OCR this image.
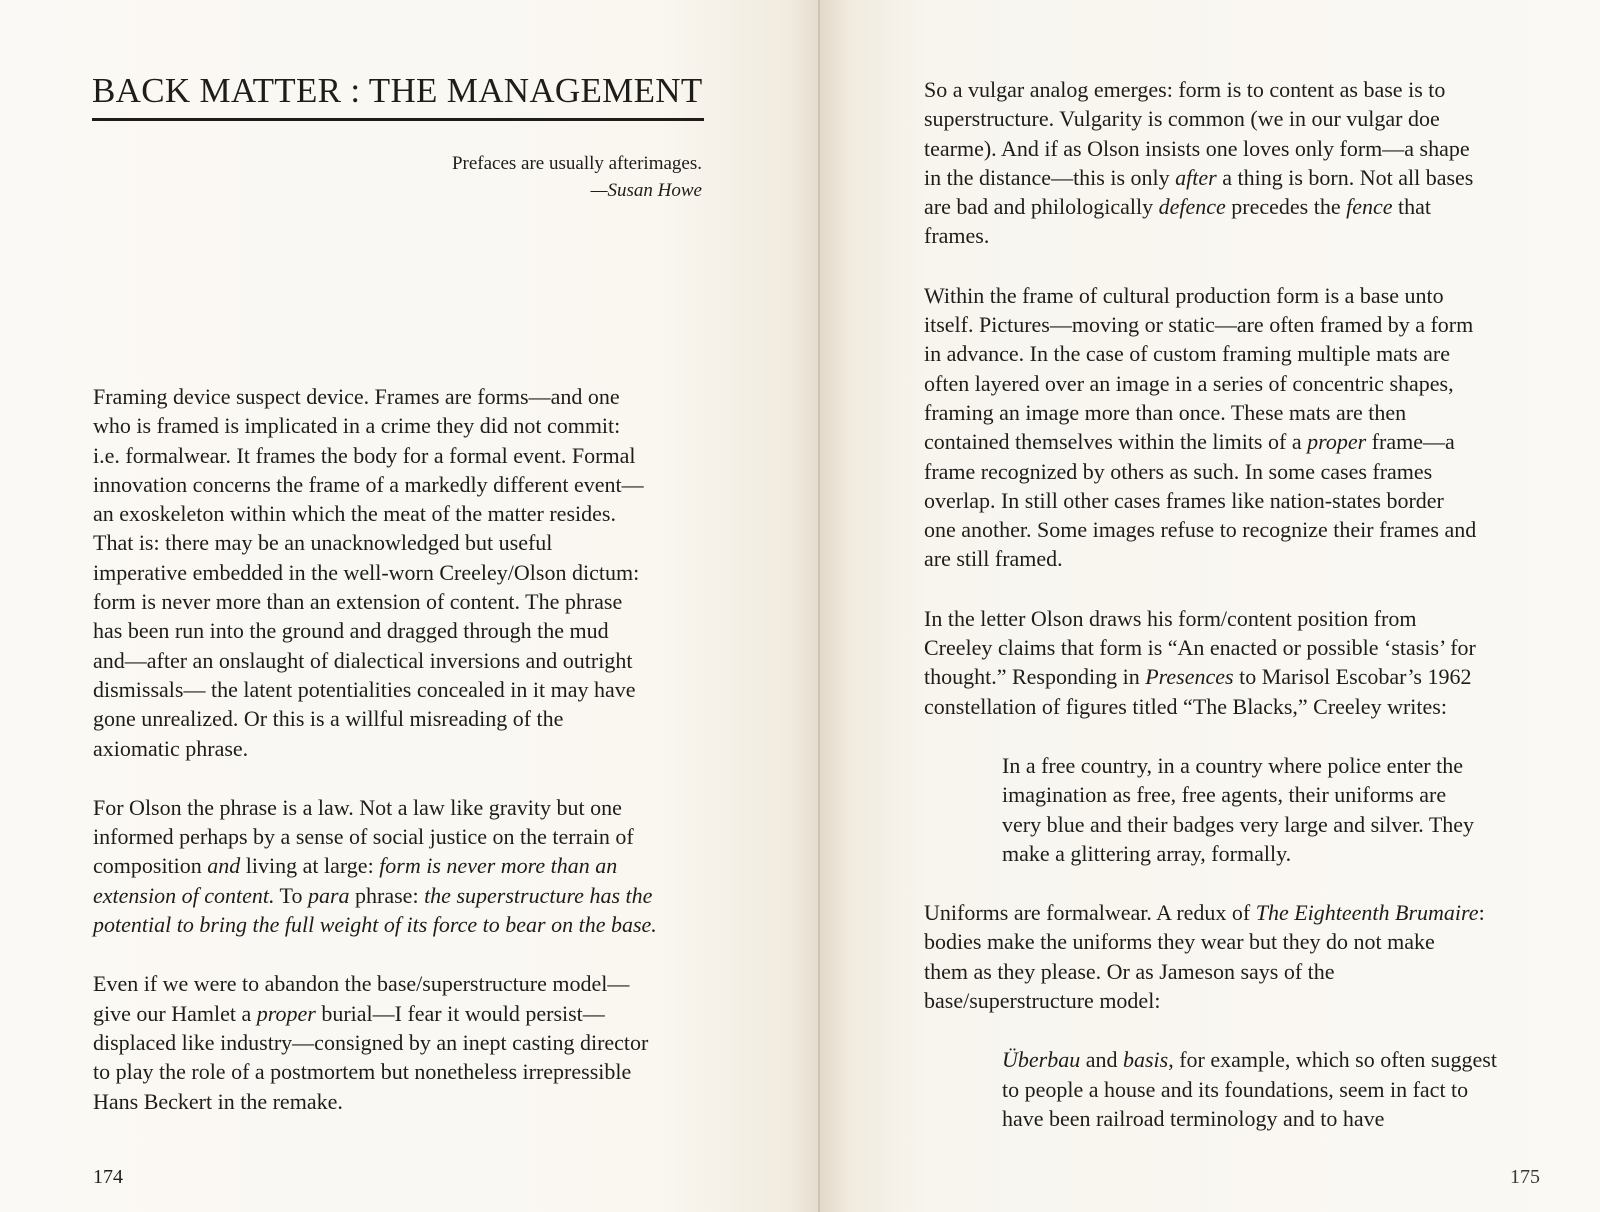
BACK MATTER : THE MANAGEMENT
Prefaces are usually afterimages.
—Susan Howe

Framing device suspect device. Frames are forms—and one
who is framed is implicated in a crime they did not commit:
i.e. formalwear. It frames the body for a formal event. Formal
innovation concerns the frame of a markedly different event—
an exoskeleton within which the meat of the matter resides.
That is: there may be an unacknowledged but useful
imperative embedded in the well-worn Creeley/Olson dictum:
form is never more than an extension of content. The phrase
has been run into the ground and dragged through the mud
and—after an onslaught of dialectical inversions and outright
dismissals— the latent potentialities concealed in it may have
gone unrealized. Or this is a willful misreading of the
axiomatic phrase.

For Olson the phrase is a law. Not a law like gravity but one
informed perhaps by a sense of social justice on the terrain of
composition and living at large: form is never more than an
extension of content. To para phrase: the superstructure has the
potential to bring the full weight of its force to bear on the base.

Even if we were to abandon the base/superstructure model—
give our Hamlet a proper burial—I fear it would persist—
displaced like industry—consigned by an inept casting director
to play the role of a postmortem but nonetheless irrepressible
Hans Beckert in the remake.

174

So a vulgar analog emerges: form is to content as base is to
superstructure. Vulgarity is common (we in our vulgar doe
tearme). And if as Olson insists one loves only form—a shape
in the distance—this is only after a thing is born. Not all bases
are bad and philologically defence precedes the fence that
frames.

Within the frame of cultural production form is a base unto
itself. Pictures—moving or static—are often framed by a form
in advance. In the case of custom framing multiple mats are
often layered over an image in a series of concentric shapes,
framing an image more than once. These mats are then
contained themselves within the limits of a proper frame—a
frame recognized by others as such. In some cases frames
overlap. In still other cases frames like nation-states border
one another. Some images refuse to recognize their frames and
are still framed.

In the letter Olson draws his form/content position from
Creeley claims that form is “An enacted or possible ‘stasis’ for
thought.” Responding in Presences to Marisol Escobar’s 1962
constellation of figures titled “The Blacks,” Creeley writes:

In a free country, in a country where police enter the
imagination as free, free agents, their uniforms are
very blue and their badges very large and silver. They
make a glittering array, formally.

Uniforms are formalwear. A redux of The Eighteenth Brumaire:
bodies make the uniforms they wear but they do not make
them as they please. Or as Jameson says of the
base/superstructure model:

Überbau and basis, for example, which so often suggest
to people a house and its foundations, seem in fact to
have been railroad terminology and to have
175
